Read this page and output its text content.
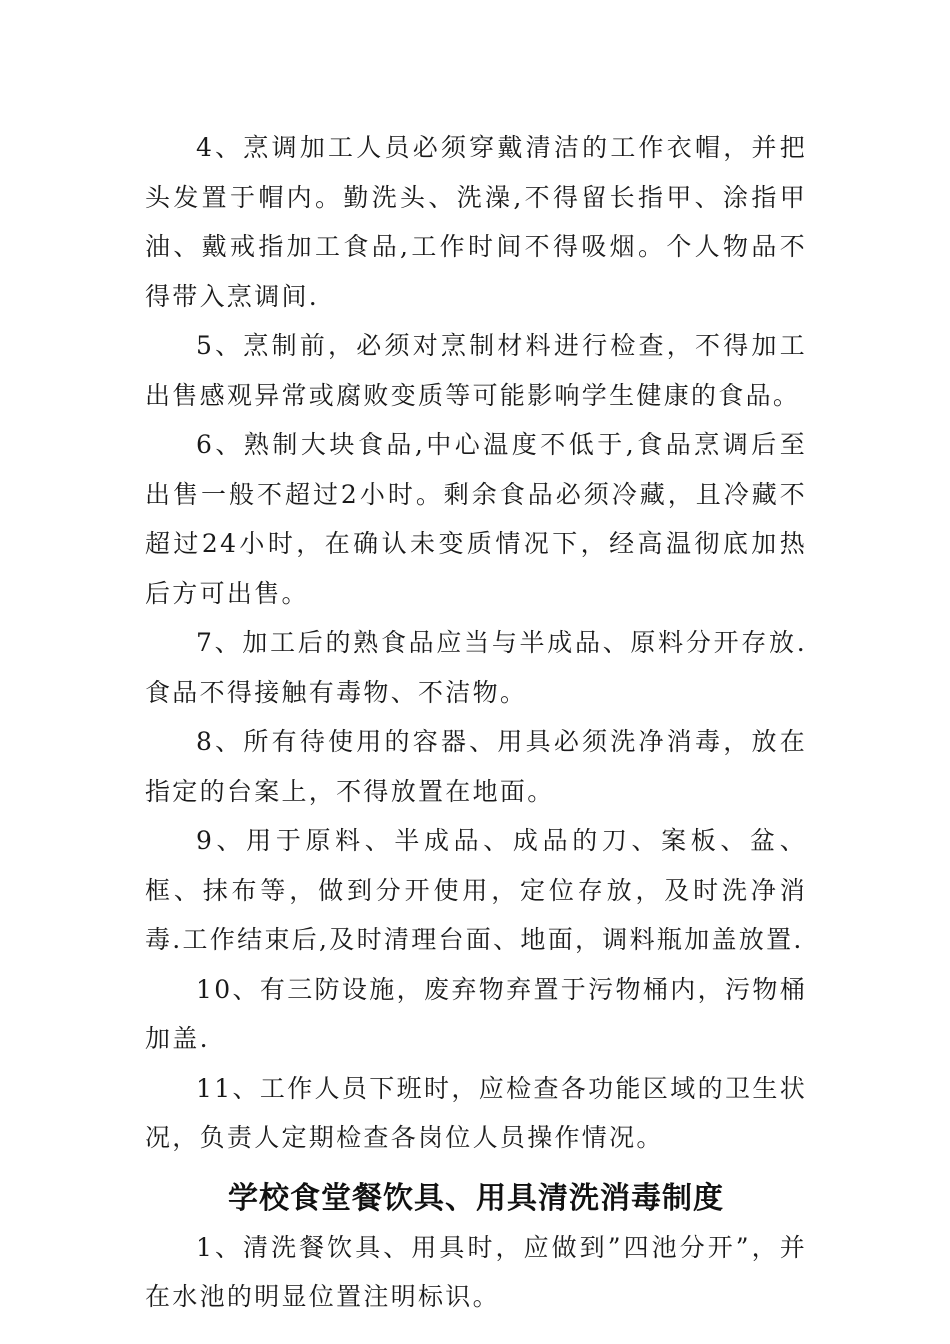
4、烹调加工人员必须穿戴清洁的工作衣帽，并把头发置于帽内。勤洗头、洗澡,不得留长指甲、涂指甲油、戴戒指加工食品,工作时间不得吸烟。个人物品不得带入烹调间.

5、烹制前，必须对烹制材料进行检查，不得加工出售感观异常或腐败变质等可能影响学生健康的食品。

6、熟制大块食品,中心温度不低于,食品烹调后至出售一般不超过2小时。剩余食品必须冷藏，且冷藏不超过24小时，在确认未变质情况下，经高温彻底加热后方可出售。

7、加工后的熟食品应当与半成品、原料分开存放.食品不得接触有毒物、不洁物。

8、所有待使用的容器、用具必须洗净消毒，放在指定的台案上，不得放置在地面。

9、用于原料、半成品、成品的刀、案板、盆、框、抹布等，做到分开使用，定位存放，及时洗净消毒.工作结束后,及时清理台面、地面，调料瓶加盖放置.

10、有三防设施，废弃物弃置于污物桶内，污物桶加盖.

11、工作人员下班时，应检查各功能区域的卫生状况，负责人定期检查各岗位人员操作情况。

学校食堂餐饮具、用具清洗消毒制度

1、清洗餐饮具、用具时，应做到”四池分开”，并在水池的明显位置注明标识。
